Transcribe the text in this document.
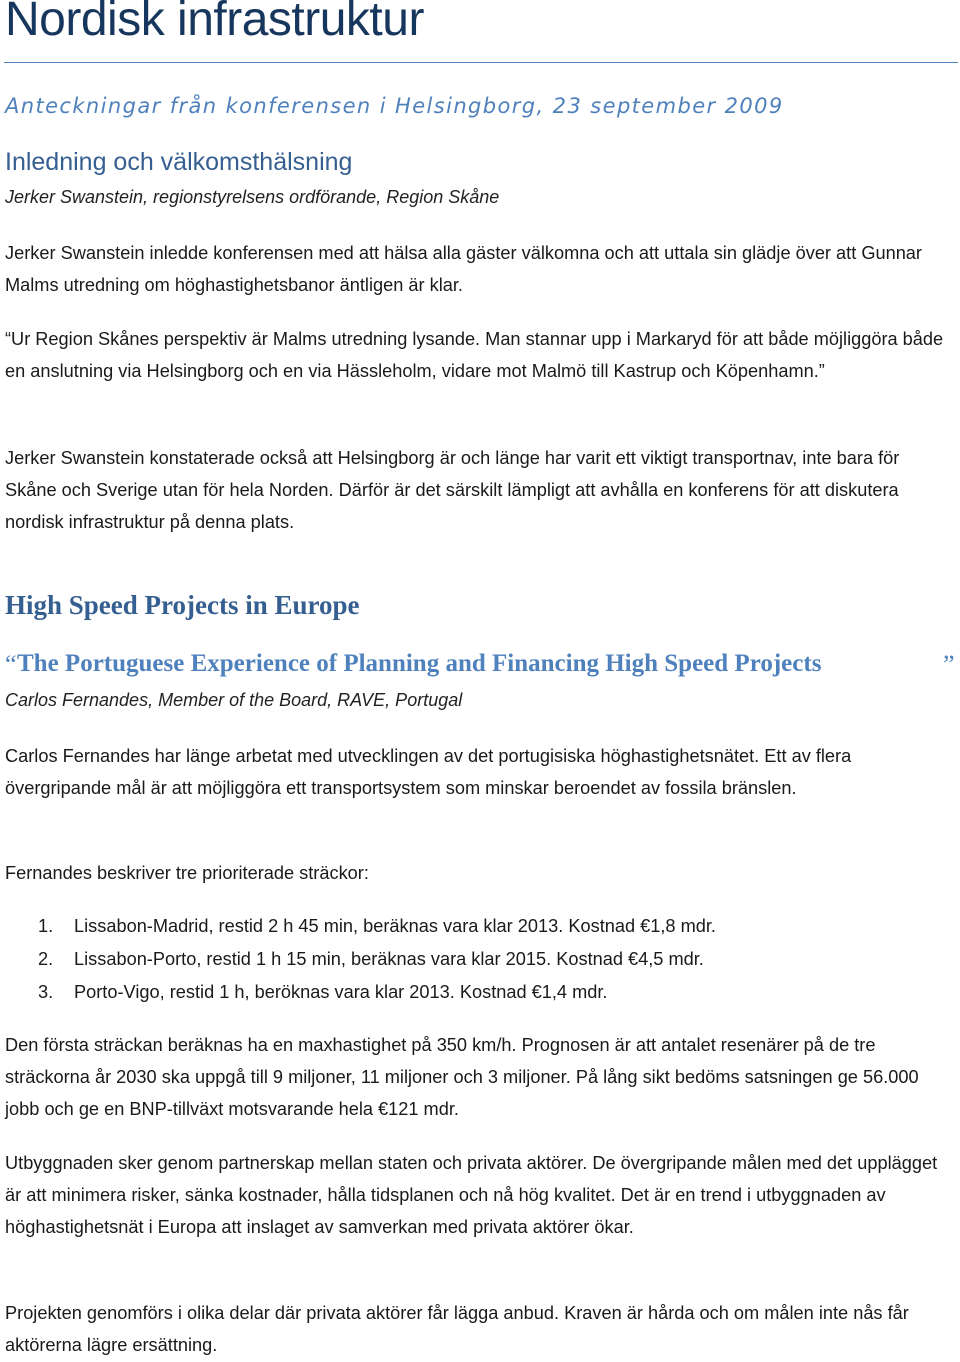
Nordisk infrastruktur

Anteckningar från konferensen i Helsingborg, 23 september 2009

Inledning och välkomsthälsning

Jerker Swanstein, regionstyrelsens ordförande, Region Skåne

Jerker Swanstein inledde konferensen med att hälsa alla gäster välkomna och att uttala sin glädje över att Gunnar Malms utredning om höghastighetsbanor äntligen är klar.

“Ur Region Skånes perspektiv är Malms utredning lysande. Man stannar upp i Markaryd för att både möjliggöra både en anslutning via Helsingborg och en via Hässleholm, vidare mot Malmö till Kastrup och Köpenhamn.”

Jerker Swanstein konstaterade också att Helsingborg är och länge har varit ett viktigt transportnav, inte bara för Skåne och Sverige utan för hela Norden. Därför är det särskilt lämpligt att avhålla en konferens för att diskutera nordisk infrastruktur på denna plats.

High Speed Projects in Europe
“ The Portuguese Experience of Planning and Financing High Speed Projects	”

Carlos Fernandes, Member of the Board, RAVE, Portugal

Carlos Fernandes har länge arbetat med utvecklingen av det portugisiska höghastighetsnätet. Ett av flera övergripande mål är att möjliggöra ett transportsystem som minskar beroendet av fossila bränslen.

Fernandes beskriver tre prioriterade sträckor:

1. Lissabon-Madrid, restid 2 h 45 min, beräknas vara klar 2013. Kostnad €1,8 mdr.
2. Lissabon-Porto, restid 1 h 15 min, beräknas vara klar 2015. Kostnad €4,5 mdr.
3. Porto-Vigo, restid 1 h, beröknas vara klar 2013. Kostnad €1,4 mdr.

Den första sträckan beräknas ha en maxhastighet på 350 km/h. Prognosen är att antalet resenärer på de tre sträckorna år 2030 ska uppgå till 9 miljoner, 11 miljoner och 3 miljoner. På lång sikt bedöms satsningen ge 56.000 jobb och ge en BNP-tillväxt motsvarande hela €121 mdr.

Utbyggnaden sker genom partnerskap mellan staten och privata aktörer. De övergripande målen med det upplägget är att minimera risker, sänka kostnader, hålla tidsplanen och nå hög kvalitet. Det är en trend i utbyggnaden av höghastighetsnät i Europa att inslaget av samverkan med privata aktörer ökar.

Projekten genomförs i olika delar där privata aktörer får lägga anbud. Kraven är hårda och om målen inte nås får aktörerna lägre ersättning.
